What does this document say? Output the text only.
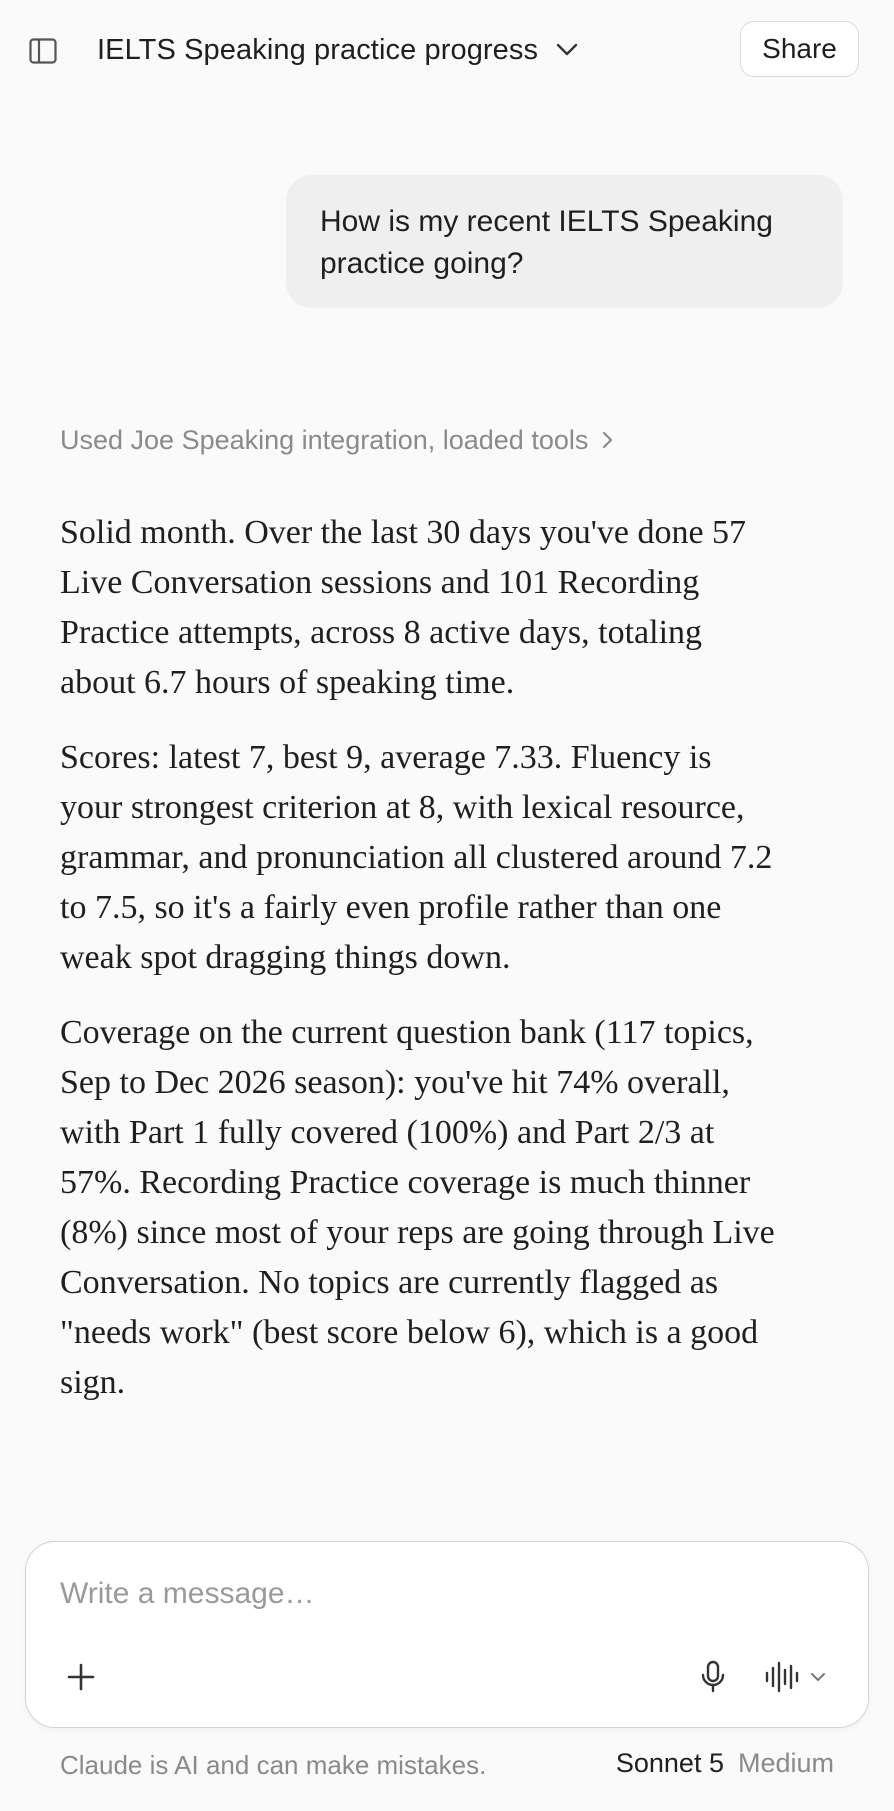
IELTS Speaking practice progress	Share
How is my recent IELTS Speaking practice going?
Used Joe Speaking integration, loaded tools

Solid month. Over the last 30 days you've done 57 Live Conversation sessions and 101 Recording Practice attempts, across 8 active days, totaling about 6.7 hours of speaking time.

Scores: latest 7, best 9, average 7.33. Fluency is your strongest criterion at 8, with lexical resource, grammar, and pronunciation all clustered around 7.2 to 7.5, so it's a fairly even profile rather than one weak spot dragging things down.

Coverage on the current question bank (117 topics, Sep to Dec 2026 season): you've hit 74% overall, with Part 1 fully covered (100%) and Part 2/3 at 57%. Recording Practice coverage is much thinner (8%) since most of your reps are going through Live Conversation. No topics are currently flagged as "needs work" (best score below 6), which is a good sign.

Write a message…
Claude is AI and can make mistakes.	Sonnet 5 Medium
